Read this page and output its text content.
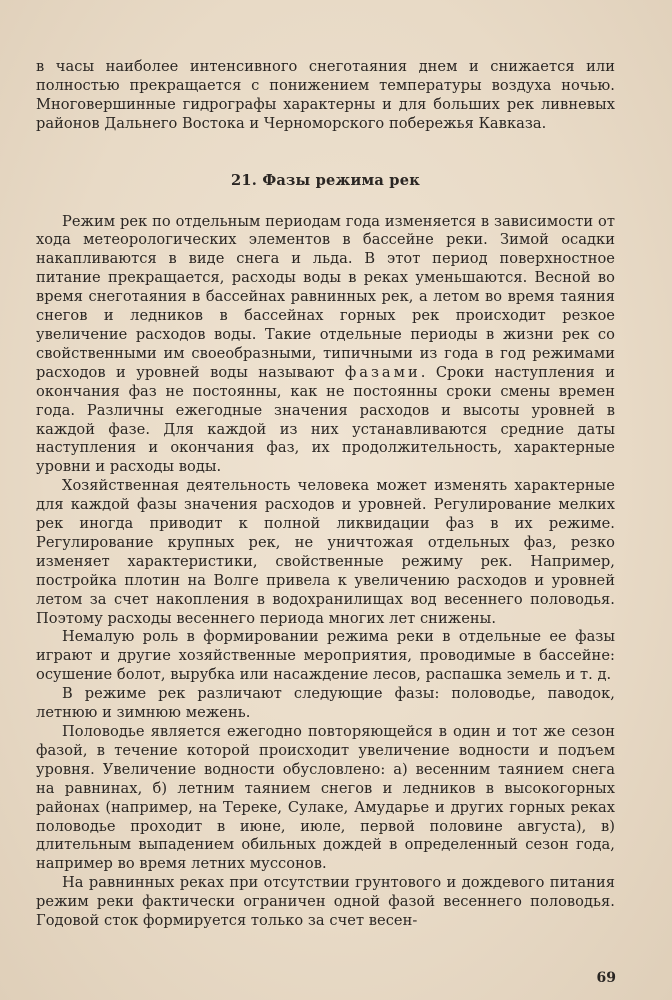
в часы наиболее интенсивного снеготаяния днем и снижается или полностью прекращается с понижением температуры воздуха ночью. Многовершинные гидрографы характерны и для больших рек ливневых районов Дальнего Востока и Черноморского побережья Кавказа.

21. Фазы режима рек

Режим рек по отдельным периодам года изменяется в зависимости от хода метеорологических элементов в бассейне реки. Зимой осадки накапливаются в виде снега и льда. В этот период поверхностное питание прекращается, расходы воды в реках уменьшаются. Весной во время снеготаяния в бассейнах равнинных рек, а летом во время таяния снегов и ледников в бассейнах горных рек происходит резкое увеличение расходов воды. Такие отдельные периоды в жизни рек со свойственными им своеобразными, типичными из года в год режимами расходов и уровней воды называют фазами. Сроки наступления и окончания фаз не постоянны, как не постоянны сроки смены времен года. Различны ежегодные значения расходов и высоты уровней в каждой фазе. Для каждой из них устанавливаются средние даты наступления и окончания фаз, их продолжительность, характерные уровни и расходы воды.

Хозяйственная деятельность человека может изменять характерные для каждой фазы значения расходов и уровней. Регулирование мелких рек иногда приводит к полной ликвидации фаз в их режиме. Регулирование крупных рек, не уничтожая отдельных фаз, резко изменяет характеристики, свойственные режиму рек. Например, постройка плотин на Волге привела к увеличению расходов и уровней летом за счет накопления в водохранилищах вод весеннего половодья. Поэтому расходы весеннего периода многих лет снижены.

Немалую роль в формировании режима реки в отдельные ее фазы играют и другие хозяйственные мероприятия, проводимые в бассейне: осушение болот, вырубка или насаждение лесов, распашка земель и т. д.

В режиме рек различают следующие фазы: половодье, паводок, летнюю и зимнюю межень.

Половодье является ежегодно повторяющейся в один и тот же сезон фазой, в течение которой происходит увеличение водности и подъем уровня. Увеличение водности обусловлено: а) весенним таянием снега на равнинах, б) летним таянием снегов и ледников в высокогорных районах (например, на Тереке, Сулаке, Амударье и других горных реках половодье проходит в июне, июле, первой половине августа), в) длительным выпадением обильных дождей в определенный сезон года, например во время летних муссонов.

На равнинных реках при отсутствии грунтового и дождевого питания режим реки фактически ограничен одной фазой весеннего половодья. Годовой сток формируется только за счет весен-

69
